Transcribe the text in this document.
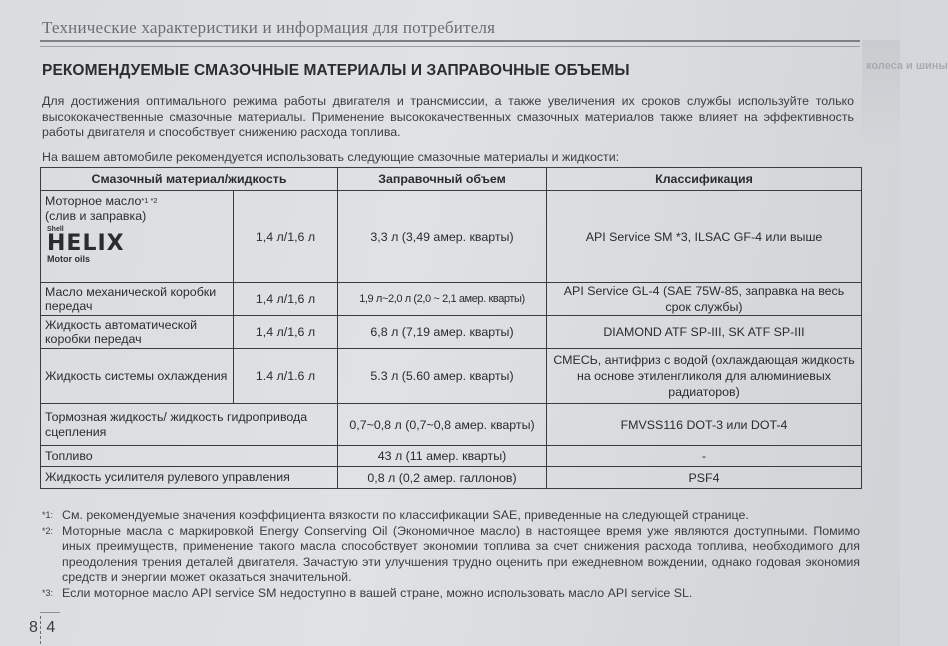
колеса и шины
Технические характеристики и информация для потребителя
РЕКОМЕНДУЕМЫЕ СМАЗОЧНЫЕ МАТЕРИАЛЫ И ЗАПРАВОЧНЫЕ ОБЪЕМЫ
Для достижения оптимального режима работы двигателя и трансмиссии, а также увеличения их сроков службы используйте только высококачественные смазочные материалы. Применение высококачественных смазочных материалов также влияет на эффективность работы двигателя и способствует снижению расхода топлива.
На вашем автомобиле рекомендуется использовать следующие смазочные материалы и жидкости:
Смазочный материал/жидкость		Заправочный объем	Классификация
Моторное масло$^{*1 *2}$
(слив и заправка)
Shell
HELIX
Motor oils	1,4 л/1,6 л	3,3 л (3,49 амер. кварты)	API Service SM *3, ILSAC GF-4 или выше
Масло механической коробки передач	1,4 л/1,6 л	1,9 л~2,0 л (2,0 ~ 2,1 амер. кварты)	API Service GL-4 (SAE 75W-85, заправка на весь срок службы)
Жидкость автоматической коробки передач	1,4 л/1,6 л	6,8 л (7,19 амер. кварты)	DIAMOND ATF SP-III, SK ATF SP-III
Жидкость системы охлаждения	1.4 л/1.6 л	5.3 л (5.60 амер. кварты)	СМЕСЬ, антифриз с водой (охлаждающая жидкость на основе этиленгликоля для алюминиевых радиаторов)
Тормозная жидкость/ жидкость гидропривода сцепления		0,7~0,8 л (0,7~0,8 амер. кварты)	FMVSS116 DOT-3 или DOT-4
Топливо		43 л (11 амер. кварты)	-
Жидкость усилителя рулевого управления		0,8 л (0,2 амер. галлонов)	PSF4
*1: См. рекомендуемые значения коэффициента вязкости по классификации SAE, приведенные на следующей странице.
*2: Моторные масла с маркировкой Energy Conserving Oil (Экономичное масло) в настоящее время уже являются доступными. Помимо иных преимуществ, применение такого масла способствует экономии топлива за счет снижения расхода топлива, необходимого для преодоления трения деталей двигателя. Зачастую эти улучшения трудно оценить при ежедневном вождении, однако годовая экономия средств и энергии может оказаться значительной.
*3: Если моторное масло API service SM недоступно в вашей стране, можно использовать масло API service SL.
8 4
